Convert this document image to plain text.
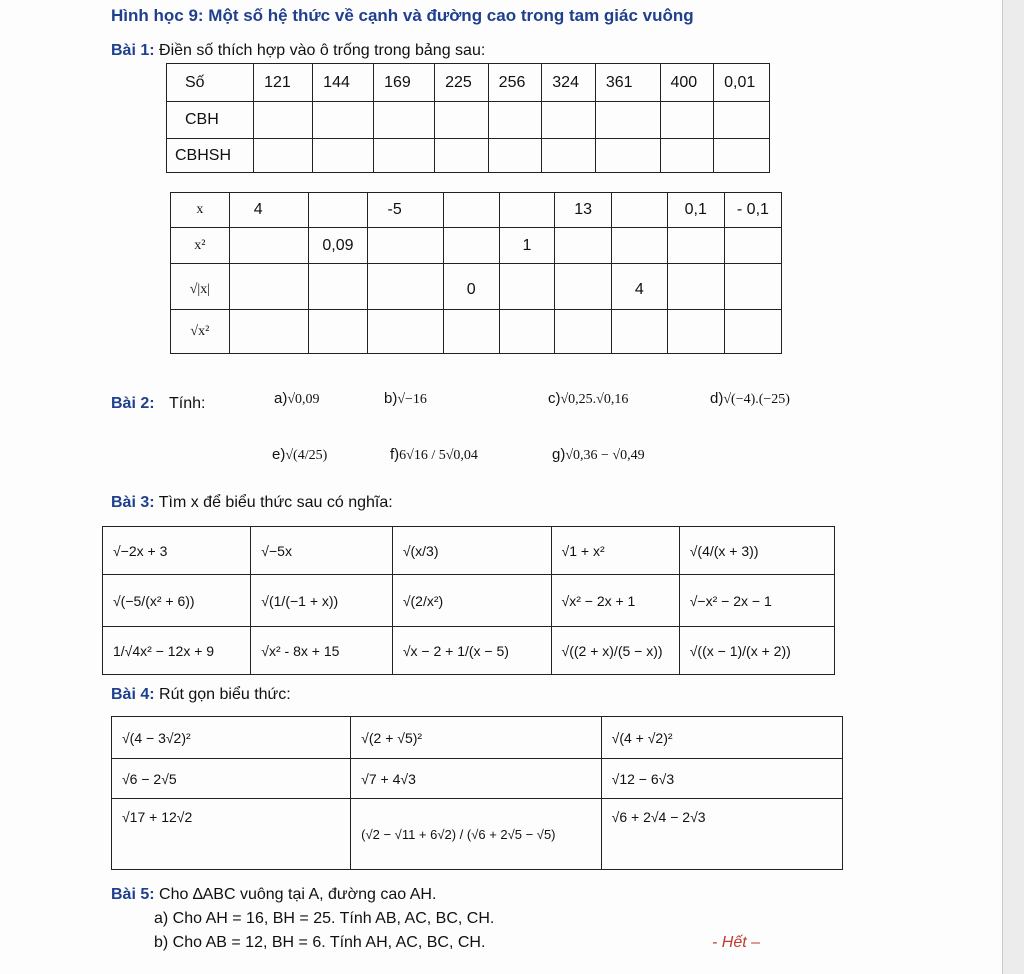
Hình học 9: Một số hệ thức về cạnh và đường cao trong tam giác vuông
Bài 1: Điền số thích hợp vào ô trống trong bảng sau:
Số	121	144	169	225	256	324	361	400	0,01
CBH									
CBHSH									
x	4		-5			13		0,1	- 0,1
x²		0,09			1				
√|x|				0			4		
√x²									
Bài 2: Tính:	a)√0,09	b)√−16	c)√0,25.√0,16	d)√(−4).(−25)
e)√(4/25)	f)6√16 / 5√0,04	g)√0,36 − √0,49
Bài 3: Tìm x để biểu thức sau có nghĩa:
√−2x + 3	√−5x	√(x/3)	√1 + x²	√(4/(x + 3))
√(−5/(x² + 6))	√(1/(−1 + x))	√(2/x²)	√x² − 2x + 1	√−x² − 2x − 1
1/√4x² − 12x + 9	√x² - 8x + 15	√x − 2 + 1/(x − 5)	√((2 + x)/(5 − x))	√((x − 1)/(x + 2))
Bài 4: Rút gọn biểu thức:
√(4 − 3√2)²	√(2 + √5)²	√(4 + √2)²
√6 − 2√5	√7 + 4√3	√12 − 6√3
√17 + 12√2	(√2 − √11 + 6√2) / (√6 + 2√5 − √5)	√6 + 2√4 − 2√3
Bài 5: Cho ∆ABC vuông tại A, đường cao AH.
a) Cho AH = 16, BH = 25. Tính AB, AC, BC, CH.
b) Cho AB = 12, BH = 6. Tính AH, AC, BC, CH.	- Hết –
